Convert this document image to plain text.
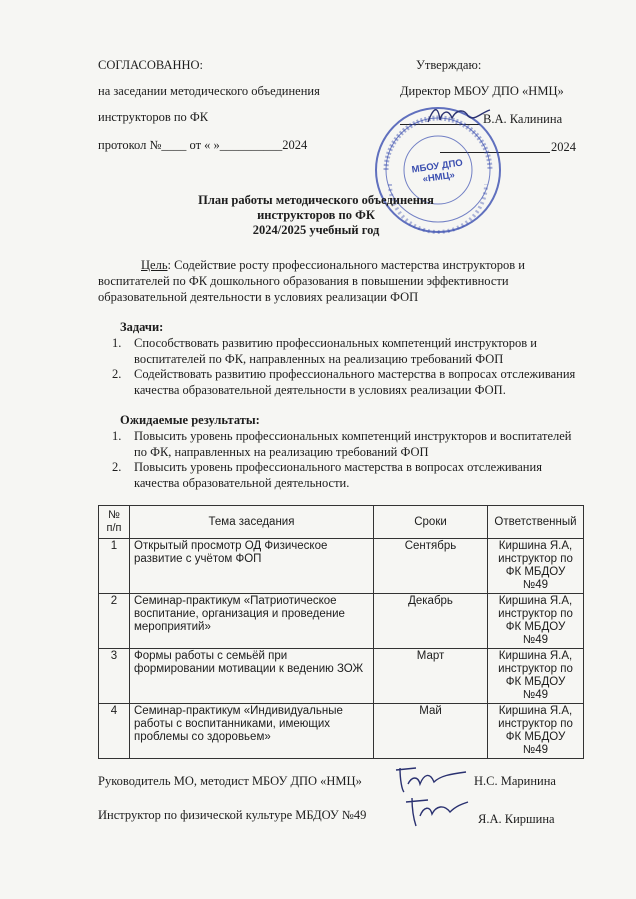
СОГЛАСОВАННО:
на заседании методического объединения
инструкторов по ФК
протокол №____ от « »__________2024
Утверждаю:
Директор МБОУ ДПО «НМЦ»
В.А. Калинина
2024
МБОУ ДПО «НМЦ»
План работы методического объединения
инструкторов по ФК
2024/2025 учебный год
Цель: Содействие росту профессионального мастерства инструкторов и
воспитателей по ФК дошкольного образования в повышении эффективности
образовательной деятельности в условиях реализации ФОП
Задачи:
1. Способствовать развитию профессиональных компетенций инструкторов и
воспитателей по ФК, направленных на реализацию требований ФОП
2. Содействовать развитию профессионального мастерства в вопросах отслеживания
качества образовательной деятельности в условиях реализации ФОП.
Ожидаемые результаты:
1. Повысить уровень профессиональных компетенций инструкторов и воспитателей
по ФК, направленных на реализацию требований ФОП
2. Повысить уровень профессионального мастерства в вопросах отслеживания
качества образовательной деятельности.
№ п/п	Тема заседания	Сроки	Ответственный
1	Открытый просмотр ОД Физическое развитие с учётом ФОП	Сентябрь	Киршина Я.А, инструктор по ФК МБДОУ №49
2	Семинар-практикум «Патриотическое воспитание, организация и проведение мероприятий»	Декабрь	Киршина Я.А, инструктор по ФК МБДОУ №49
3	Формы работы с семьёй при формировании мотивации к ведению ЗОЖ	Март	Киршина Я.А, инструктор по ФК МБДОУ №49
4	Семинар-практикум «Индивидуальные работы с воспитанниками, имеющих проблемы со здоровьем»	Май	Киршина Я.А, инструктор по ФК МБДОУ №49
Руководитель МО, методист МБОУ ДПО «НМЦ»	Н.С. Маринина
Инструктор по физической культуре МБДОУ №49	Я.А. Киршина
